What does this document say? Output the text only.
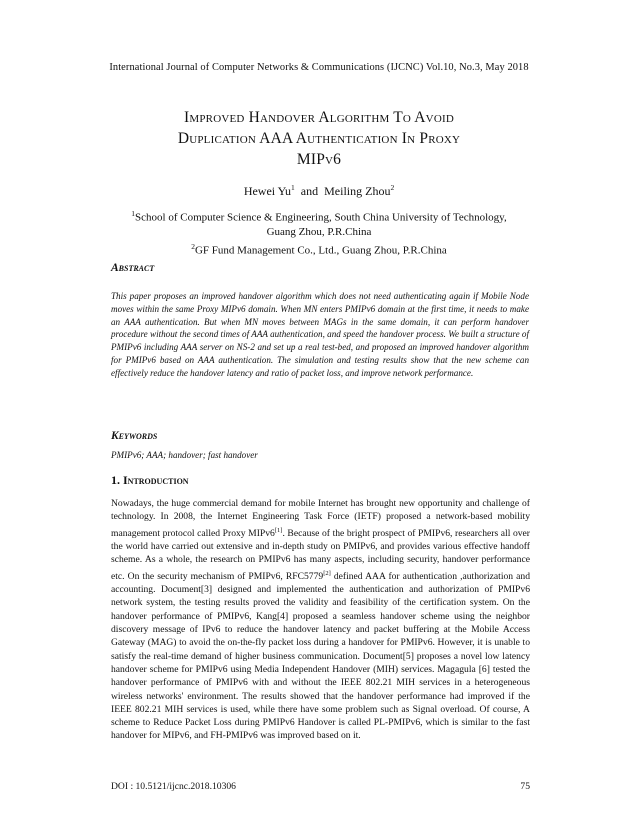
International Journal of Computer Networks & Communications (IJCNC) Vol.10, No.3, May 2018
Improved Handover Algorithm To Avoid
Duplication AAA Authentication In Proxy
MIPv6
Hewei Yu$^1$ and Meiling Zhou$^2$
$^1$School of Computer Science & Engineering, South China University of Technology,
Guang Zhou, P.R.China
$^2$GF Fund Management Co., Ltd., Guang Zhou, P.R.China
Abstract
This paper proposes an improved handover algorithm which does not need authenticating again if Mobile Node moves within the same Proxy MIPv6 domain. When MN enters PMIPv6 domain at the first time, it needs to make an AAA authentication. But when MN moves between MAGs in the same domain, it can perform handover procedure without the second times of AAA authentication, and speed the handover process. We built a structure of PMIPv6 including AAA server on NS-2 and set up a real test-bed, and proposed an improved handover algorithm for PMIPv6 based on AAA authentication. The simulation and testing results show that the new scheme can effectively reduce the handover latency and ratio of packet loss, and improve network performance.
Keywords
PMIPv6; AAA; handover; fast handover
1. Introduction
Nowadays, the huge commercial demand for mobile Internet has brought new opportunity and challenge of technology. In 2008, the Internet Engineering Task Force (IETF) proposed a network-based mobility management protocol called Proxy MIPv6[1]. Because of the bright prospect of PMIPv6, researchers all over the world have carried out extensive and in-depth study on PMIPv6, and provides various effective handoff scheme. As a whole, the research on PMIPv6 has many aspects, including security, handover performance etc. On the security mechanism of PMIPv6, RFC5779[2] defined AAA for authentication ,authorization and accounting. Document[3] designed and implemented the authentication and authorization of PMIPv6 network system, the testing results proved the validity and feasibility of the certification system. On the handover performance of PMIPv6, Kang[4] proposed a seamless handover scheme using the neighbor discovery message of IPv6 to reduce the handover latency and packet buffering at the Mobile Access Gateway (MAG) to avoid the on-the-fly packet loss during a handover for PMIPv6. However, it is unable to satisfy the real-time demand of higher business communication. Document[5] proposes a novel low latency handover scheme for PMIPv6 using Media Independent Handover (MIH) services. Magagula [6] tested the handover performance of PMIPv6 with and without the IEEE 802.21 MIH services in a heterogeneous wireless networks' environment. The results showed that the handover performance had improved if the IEEE 802.21 MIH services is used, while there have some problem such as Signal overload. Of course, A scheme to Reduce Packet Loss during PMIPv6 Handover is called PL-PMIPv6, which is similar to the fast handover for MIPv6, and FH-PMIPv6 was improved based on it.
DOI : 10.5121/ijcnc.2018.10306	75
